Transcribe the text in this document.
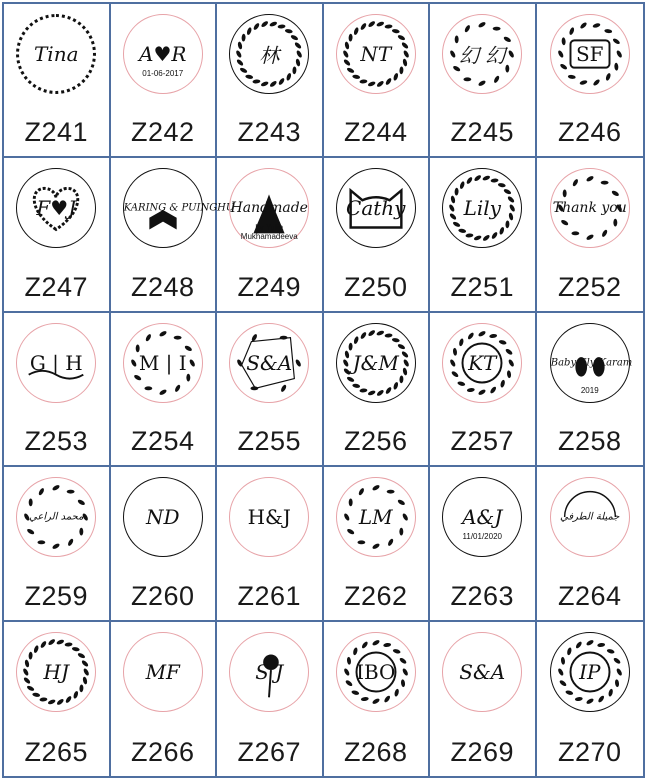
Tina
Z241
A♥R
01-06-2017
Z242
林
Z243
NT
Z244
幻 幻
Z245
SF
Z246
F♥J
Z247
KARING & PUINGHU
Z248
Handmade
by Yulia Mukhamadeeva
Z249
Cathy
Z250
Lily
Z251
Thank you
Z252
G | H
Z253
M | I
Z254
S&A
Z255
J&M
Z256
KT
Z257
Baby Ely Karam
2019
Z258
محمد الراعي
Z259
ND
Z260
H&J
Z261
LM
Z262
A&J
11/01/2020
Z263
جميلة الطرفي
Z264
HJ
Z265
MF
Z266
S J
Z267
IBO
Z268
S&A
Z269
IP
Z270
